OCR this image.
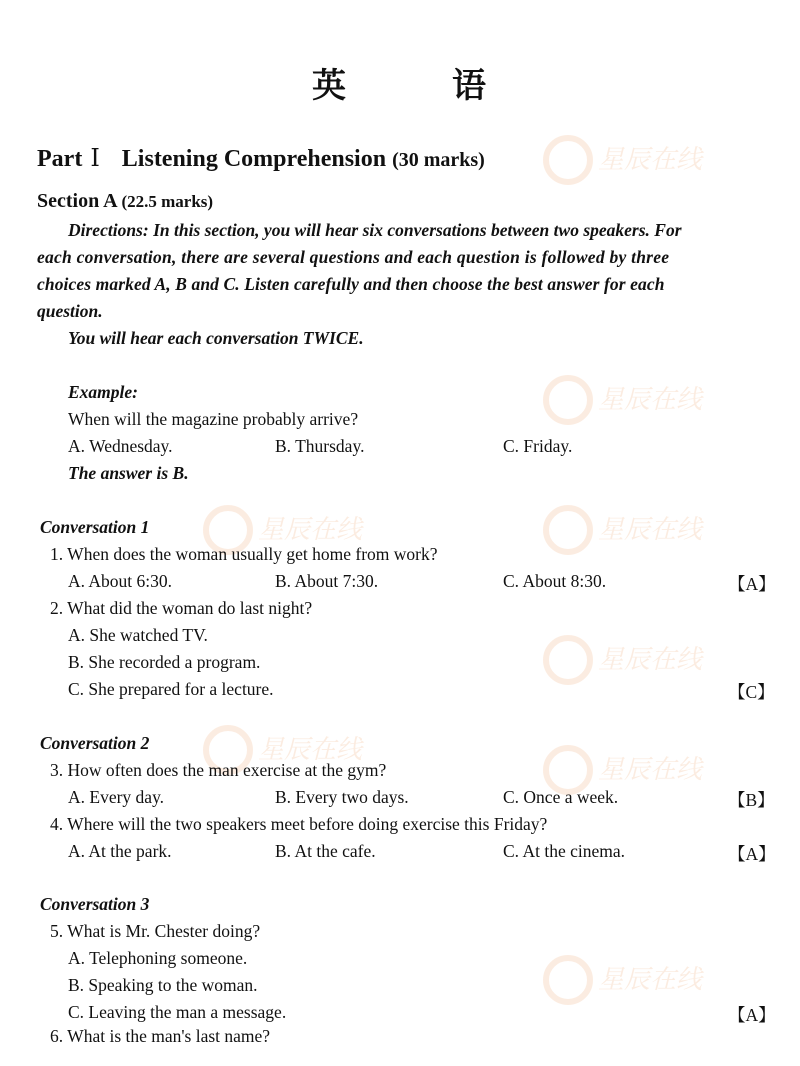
星辰在线
星辰在线
星辰在线	星辰在线
星辰在线
星辰在线
星辰在线
星辰在线
英	语
Part Ⅰ Listening Comprehension (30 marks)
Section A (22.5 marks)
Directions: In this section, you will hear six conversations between two speakers. For
each conversation, there are several questions and each question is followed by three
choices marked A, B and C. Listen carefully and then choose the best answer for each
question.
You will hear each conversation TWICE.
Example:
When will the magazine probably arrive?
A. Wednesday.	B. Thursday.	C. Friday.
The answer is B.
Conversation 1
1. When does the woman usually get home from work?
A. About 6:30.	B. About 7:30.	C. About 8:30.	【A】
2. What did the woman do last night?
A. She watched TV.
B. She recorded a program.
C. She prepared for a lecture.	【C】
Conversation 2
3. How often does the man exercise at the gym?
A. Every day.	B. Every two days.	C. Once a week.	【B】
4. Where will the two speakers meet before doing exercise this Friday?
A. At the park.	B. At the cafe.	C. At the cinema.	【A】
Conversation 3
5. What is Mr. Chester doing?
A. Telephoning someone.
B. Speaking to the woman.
C. Leaving the man a message.	【A】
6. What is the man's last name?
